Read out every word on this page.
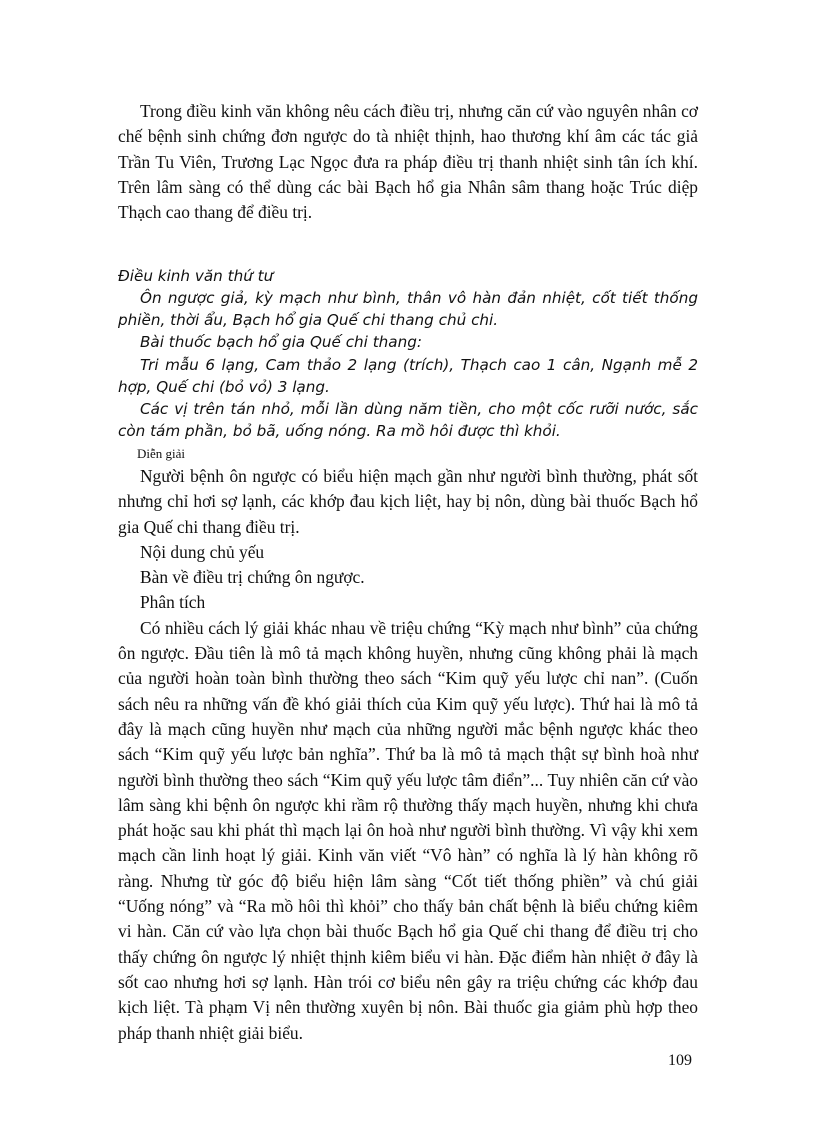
Trong điều kinh văn không nêu cách điều trị, nhưng căn cứ vào nguyên nhân cơ chế bệnh sinh chứng đơn ngược do tà nhiệt thịnh, hao thương khí âm các tác giả Trần Tu Viên, Trương Lạc Ngọc đưa ra pháp điều trị thanh nhiệt sinh tân ích khí. Trên lâm sàng có thể dùng các bài Bạch hổ gia Nhân sâm thang hoặc Trúc diệp Thạch cao thang để điều trị.

Điều kinh văn thứ tư

Ôn ngược giả, kỳ mạch như bình, thân vô hàn đản nhiệt, cốt tiết thống phiền, thời ẩu, Bạch hổ gia Quế chi thang chủ chi.

Bài thuốc bạch hổ gia Quế chi thang:

Tri mẫu 6 lạng, Cam thảo 2 lạng (trích), Thạch cao 1 cân, Ngạnh mễ 2 hợp, Quế chi (bỏ vỏ) 3 lạng.

Các vị trên tán nhỏ, mỗi lần dùng năm tiền, cho một cốc rưỡi nước, sắc còn tám phần, bỏ bã, uống nóng. Ra mồ hôi được thì khỏi.

Diễn giải

Người bệnh ôn ngược có biểu hiện mạch gần như người bình thường, phát sốt nhưng chỉ hơi sợ lạnh, các khớp đau kịch liệt, hay bị nôn, dùng bài thuốc Bạch hổ gia Quế chi thang điều trị.

Nội dung chủ yếu

Bàn về điều trị chứng ôn ngược.

Phân tích

Có nhiều cách lý giải khác nhau về triệu chứng “Kỳ mạch như bình” của chứng ôn ngược. Đầu tiên là mô tả mạch không huyền, nhưng cũng không phải là mạch của người hoàn toàn bình thường theo sách “Kim quỹ yếu lược chỉ nan”. (Cuốn sách nêu ra những vấn đề khó giải thích của Kim quỹ yếu lược). Thứ hai là mô tả đây là mạch cũng huyền như mạch của những người mắc bệnh ngược khác theo sách “Kim quỹ yếu lược bản nghĩa”. Thứ ba là mô tả mạch thật sự bình hoà như người bình thường theo sách “Kim quỹ yếu lược tâm điển”... Tuy nhiên căn cứ vào lâm sàng khi bệnh ôn ngược khi rầm rộ thường thấy mạch huyền, nhưng khi chưa phát hoặc sau khi phát thì mạch lại ôn hoà như người bình thường. Vì vậy khi xem mạch cần linh hoạt lý giải. Kinh văn viết “Vô hàn” có nghĩa là lý hàn không rõ ràng. Nhưng từ góc độ biểu hiện lâm sàng “Cốt tiết thống phiền” và chú giải “Uống nóng” và “Ra mồ hôi thì khỏi” cho thấy bản chất bệnh là biểu chứng kiêm vi hàn. Căn cứ vào lựa chọn bài thuốc Bạch hổ gia Quế chi thang để điều trị cho thấy chứng ôn ngược lý nhiệt thịnh kiêm biểu vi hàn. Đặc điểm hàn nhiệt ở đây là sốt cao nhưng hơi sợ lạnh. Hàn trói cơ biểu nên gây ra triệu chứng các khớp đau kịch liệt. Tà phạm Vị nên thường xuyên bị nôn. Bài thuốc gia giảm phù hợp theo pháp thanh nhiệt giải biểu.

109
